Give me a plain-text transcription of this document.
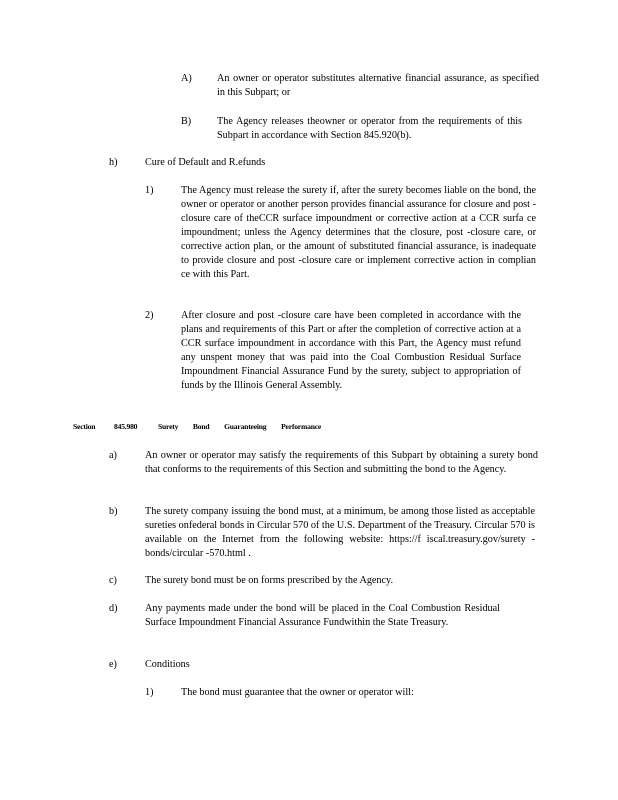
A) An owner or operator substitutes alternative financial assurance, as specified in this Subpart; or
B)	The Agency releases theowner or operator from the requirements of this Subpart in accordance with Section 845.920(b).
h)	Cure of Default and R.efunds
1)	The Agency must release the surety if, after the surety becomes liable on the bond, the owner or operator or another person provides financial assurance for closure and post -closure care of theCCR surface impoundment or corrective action at a CCR surfa ce impoundment; unless the Agency determines that the closure, post -closure care, or corrective action plan, or the amount of substituted financial assurance, is inadequate to provide closure and post -closure care or implement corrective action in complian ce with this Part.
2)	After closure and post -closure care have been completed in accordance with the plans and requirements of this Part or after the completion of corrective action at a CCR surface impoundment in accordance with this Part, the Agency must refund any unspent money that was paid into the Coal Combustion Residual Surface Impoundment Financial Assurance Fund by the surety, subject to appropriation of funds by the Illinois General Assembly.
Section 845.980	Surety Bond Guaranteeing Performance
a)	An owner or operator may satisfy the requirements of this Subpart by obtaining a surety bond that conforms to the requirements of this Section and submitting the bond to the Agency.
b)	The surety company issuing the bond must, at a minimum, be among those listed as acceptable sureties onfederal bonds in Circular 570 of the U.S. Department of the Treasury. Circular 570 is available on the Internet from the following website: https://f iscal.treasury.gov/surety -bonds/circular -570.html .
c)	The surety bond must be on forms prescribed by the Agency.
d)	Any payments made under the bond will be placed in the Coal Combustion Residual Surface Impoundment Financial Assurance Fundwithin the State Treasury.
e)	Conditions
1)	The bond must guarantee that the owner or operator will:
